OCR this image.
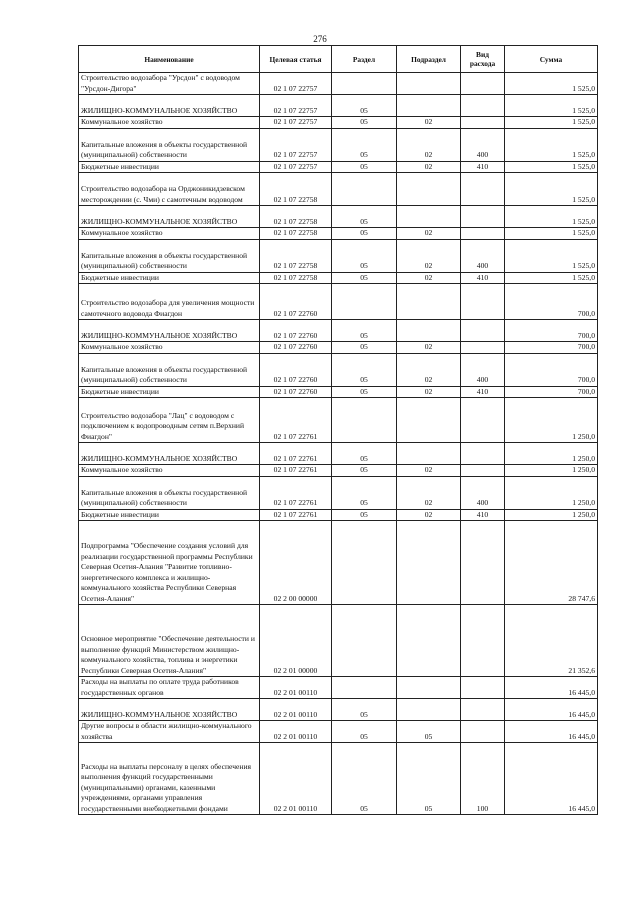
276
Наименование	Целевая статья	Раздел	Подраздел	Вид расхода	Сумма
Строительство водозабора "Урсдон" с водоводом "Урсдон-Дигора"	02 1 07 22757				1 525,0
ЖИЛИЩНО-КОММУНАЛЬНОЕ ХОЗЯЙСТВО	02 1 07 22757	05			1 525,0
Коммунальное хозяйство	02 1 07 22757	05	02		1 525,0
Капитальные вложения в объекты государственной (муниципальной) собственности	02 1 07 22757	05	02	400	1 525,0
Бюджетные инвестиции	02 1 07 22757	05	02	410	1 525,0
Строительство водозабора на Орджоникидзевском месторождении (с. Чми) с самотечным водоводом	02 1 07 22758				1 525,0
ЖИЛИЩНО-КОММУНАЛЬНОЕ ХОЗЯЙСТВО	02 1 07 22758	05			1 525,0
Коммунальное хозяйство	02 1 07 22758	05	02		1 525,0
Капитальные вложения в объекты государственной (муниципальной) собственности	02 1 07 22758	05	02	400	1 525,0
Бюджетные инвестиции	02 1 07 22758	05	02	410	1 525,0
Строительство водозабора для увеличения мощности самотечного водовода Фиагдон	02 1 07 22760				700,0
ЖИЛИЩНО-КОММУНАЛЬНОЕ ХОЗЯЙСТВО	02 1 07 22760	05			700,0
Коммунальное хозяйство	02 1 07 22760	05	02		700,0
Капитальные вложения в объекты государственной (муниципальной) собственности	02 1 07 22760	05	02	400	700,0
Бюджетные инвестиции	02 1 07 22760	05	02	410	700,0
Строительство водозабора "Лац" с водоводом с подключением к водопроводным сетям п.Верхний Фиагдон"	02 1 07 22761				1 250,0
ЖИЛИЩНО-КОММУНАЛЬНОЕ ХОЗЯЙСТВО	02 1 07 22761	05			1 250,0
Коммунальное хозяйство	02 1 07 22761	05	02		1 250,0
Капитальные вложения в объекты государственной (муниципальной) собственности	02 1 07 22761	05	02	400	1 250,0
Бюджетные инвестиции	02 1 07 22761	05	02	410	1 250,0
Подпрограмма "Обеспечение создания условий для реализации государственной программы Республики Северная Осетия-Алания "Развитие топливно-энергетического комплекса и жилищно-коммунального хозяйства Республики Северная Осетия-Алания"	02 2 00 00000				28 747,6
Основное мероприятие "Обеспечение деятельности и выполнение функций Министерством жилищно-коммунального хозяйства, топлива и энергетики Республики Северная Осетия-Алания"	02 2 01 00000				21 352,6
Расходы на выплаты по оплате труда работников государственных органов	02 2 01 00110				16 445,0
ЖИЛИЩНО-КОММУНАЛЬНОЕ ХОЗЯЙСТВО	02 2 01 00110	05			16 445,0
Другие вопросы в области жилищно-коммунального хозяйства	02 2 01 00110	05	05		16 445,0
Расходы на выплаты персоналу в целях обеспечения выполнения функций государственными (муниципальными) органами, казенными учреждениями, органами управления государственными внебюджетными фондами	02 2 01 00110	05	05	100	16 445,0
